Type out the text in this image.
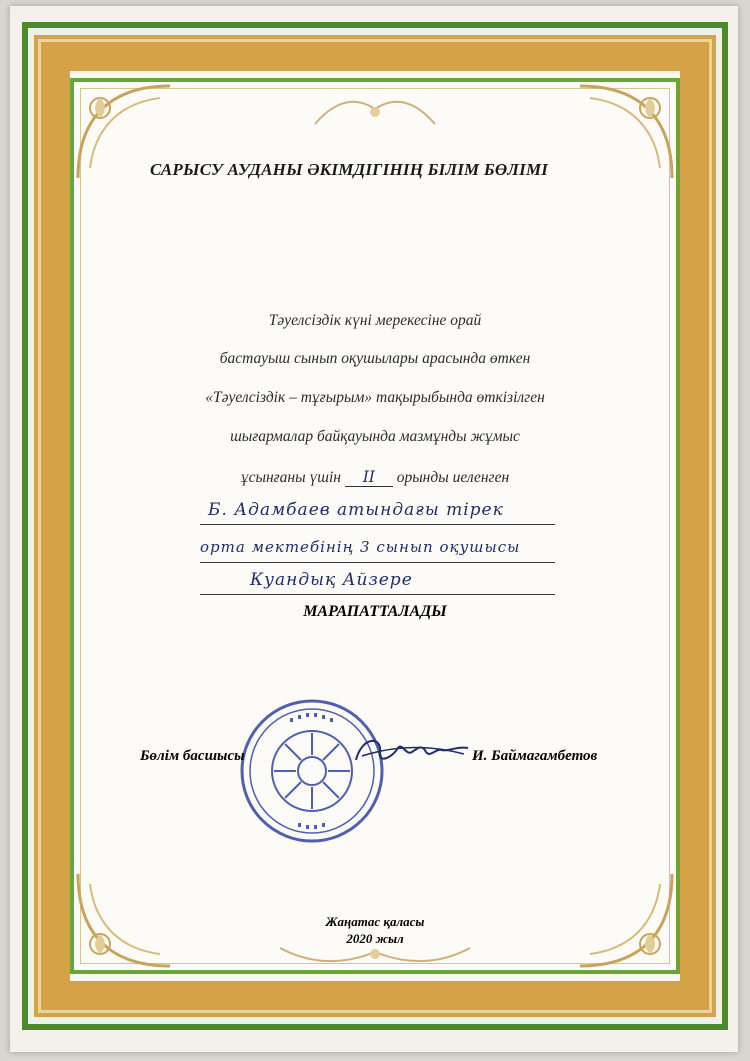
САРЫСУ АУДАНЫ ӘКІМДІГІНІҢ БІЛІМ БӨЛІМІ
Тәуелсіздік күні мерекесіне орай
бастауыш сынып оқушылары арасында өткен
«Тәуелсіздік – тұғырым» тақырыбында өткізілген
шығармалар байқауында мазмұнды жұмыс
ұсынғаны үшін II орынды иеленген
Б. Адамбаев атындағы тірек
орта мектебінің 3 сынып оқушысы
Куандық Айзере
МАРАПАТТАЛАДЫ
Бөлім басшысы	И. Баймагамбетов
Жаңатас қаласы
2020 жыл
